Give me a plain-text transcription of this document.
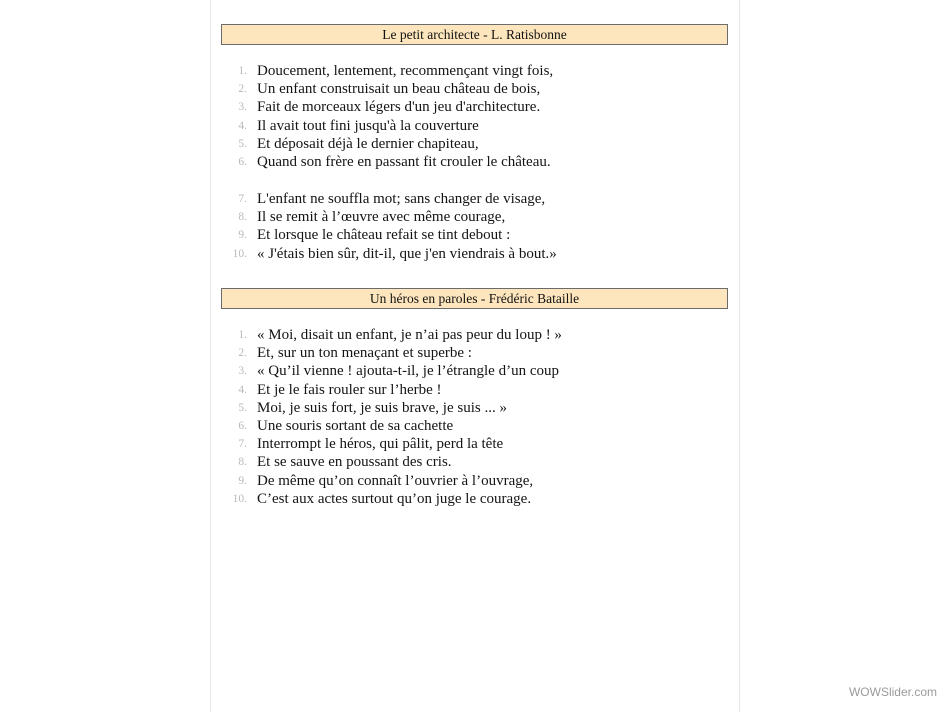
Le petit architecte - L. Ratisbonne
1. Doucement, lentement, recommençant vingt fois,
2. Un enfant construisait un beau château de bois,
3. Fait de morceaux légers d'un jeu d'architecture.
4. Il avait tout fini jusqu'à la couverture
5. Et déposait déjà le dernier chapiteau,
6. Quand son frère en passant fit crouler le château.
7. L'enfant ne souffla mot; sans changer de visage,
8. Il se remit à l’œuvre avec même courage,
9. Et lorsque le château refait se tint debout :
10. « J'étais bien sûr, dit-il, que j'en viendrais à bout.»
Un héros en paroles - Frédéric Bataille
1. « Moi, disait un enfant, je n’ai pas peur du loup ! »
2. Et, sur un ton menaçant et superbe :
3. « Qu’il vienne ! ajouta-t-il, je l’étrangle d’un coup
4. Et je le fais rouler sur l’herbe !
5. Moi, je suis fort, je suis brave, je suis ... »
6. Une souris sortant de sa cachette
7. Interrompt le héros, qui pâlit, perd la tête
8. Et se sauve en poussant des cris.
9. De même qu’on connaît l’ouvrier à l’ouvrage,
10. C’est aux actes surtout qu’on juge le courage.
WOWSlider.com
